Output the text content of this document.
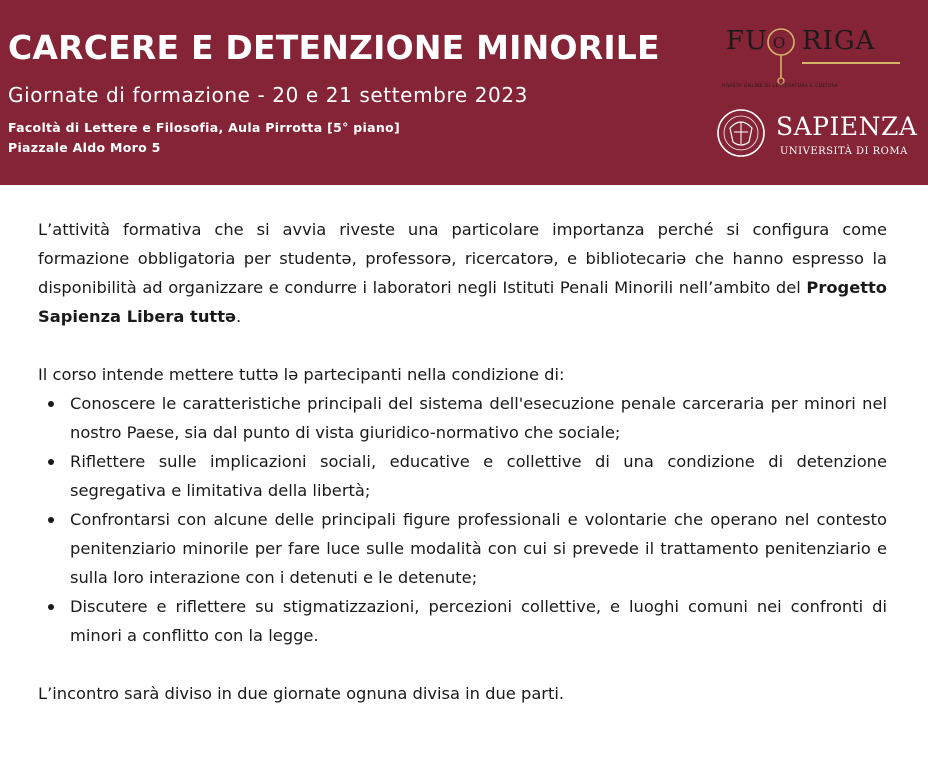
CARCERE E DETENZIONE MINORILE
Giornate di formazione - 20 e 21 settembre 2023
Facoltà di Lettere e Filosofia, Aula Pirrotta [5° piano]
Piazzale Aldo Moro 5
FU O RIGA
RIVISTA ONLINE DI LETTERATURA E CULTURA
SAPIENZA
UNIVERSITÀ DI ROMA

L’attività formativa che si avvia riveste una particolare importanza perché si configura come formazione obbligatoria per studentə, professorə, ricercatorə, e bibliotecariə che hanno espresso la disponibilità ad organizzare e condurre i laboratori negli Istituti Penali Minorili nell’ambito del Progetto Sapienza Libera tuttə.

Il corso intende mettere tuttə lə partecipanti nella condizione di:

Conoscere le caratteristiche principali del sistema dell'esecuzione penale carceraria per minori nel nostro Paese, sia dal punto di vista giuridico-normativo che sociale;
Riflettere sulle implicazioni sociali, educative e collettive di una condizione di detenzione segregativa e limitativa della libertà;
Confrontarsi con alcune delle principali figure professionali e volontarie che operano nel contesto penitenziario minorile per fare luce sulle modalità con cui si prevede il trattamento penitenziario e sulla loro interazione con i detenuti e le detenute;
Discutere e riflettere su stigmatizzazioni, percezioni collettive, e luoghi comuni nei confronti di minori a conflitto con la legge.

L’incontro sarà diviso in due giornate ognuna divisa in due parti.
